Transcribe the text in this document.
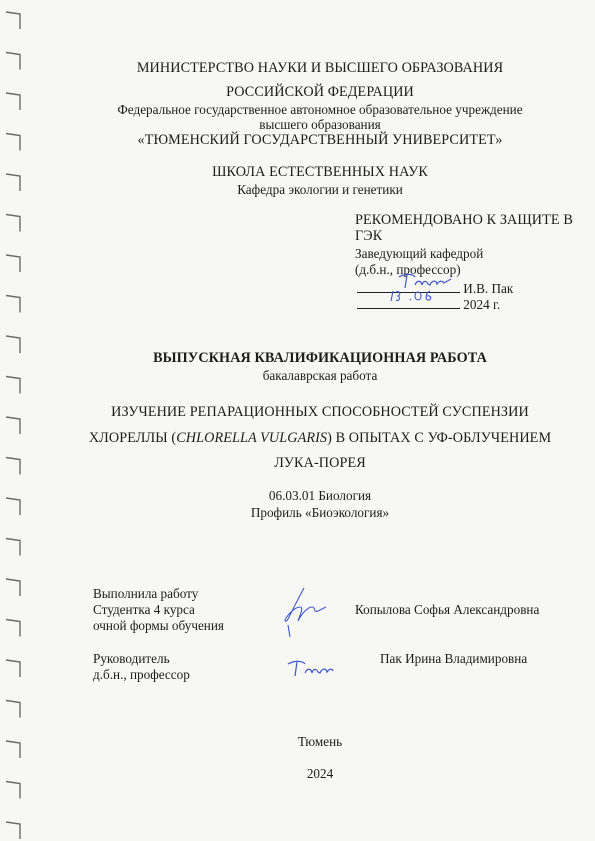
МИНИСТЕРСТВО НАУКИ И ВЫСШЕГО ОБРАЗОВАНИЯ
РОССИЙСКОЙ ФЕДЕРАЦИИ
Федеральное государственное автономное образовательное учреждение
высшего образования
«ТЮМЕНСКИЙ ГОСУДАРСТВЕННЫЙ УНИВЕРСИТЕТ»
ШКОЛА ЕСТЕСТВЕННЫХ НАУК
Кафедра экологии и генетики
РЕКОМЕНДОВАНО К ЗАЩИТЕ В
ГЭК
Заведующий кафедрой
(д.б.н., профессор)
И.В. Пак
2024 г.
ВЫПУСКНАЯ КВАЛИФИКАЦИОННАЯ РАБОТА
бакалаврская работа
ИЗУЧЕНИЕ РЕПАРАЦИОННЫХ СПОСОБНОСТЕЙ СУСПЕНЗИИ
ХЛОРЕЛЛЫ (CHLORELLA VULGARIS) В ОПЫТАХ С УФ-ОБЛУЧЕНИЕМ
ЛУКА-ПОРЕЯ
06.03.01 Биология
Профиль «Биоэкология»
Выполнила работу
Студентка 4 курса
очной формы обучения
Копылова Софья Александровна
Руководитель
д.б.н., профессор
Пак Ирина Владимировна
Тюмень
2024
